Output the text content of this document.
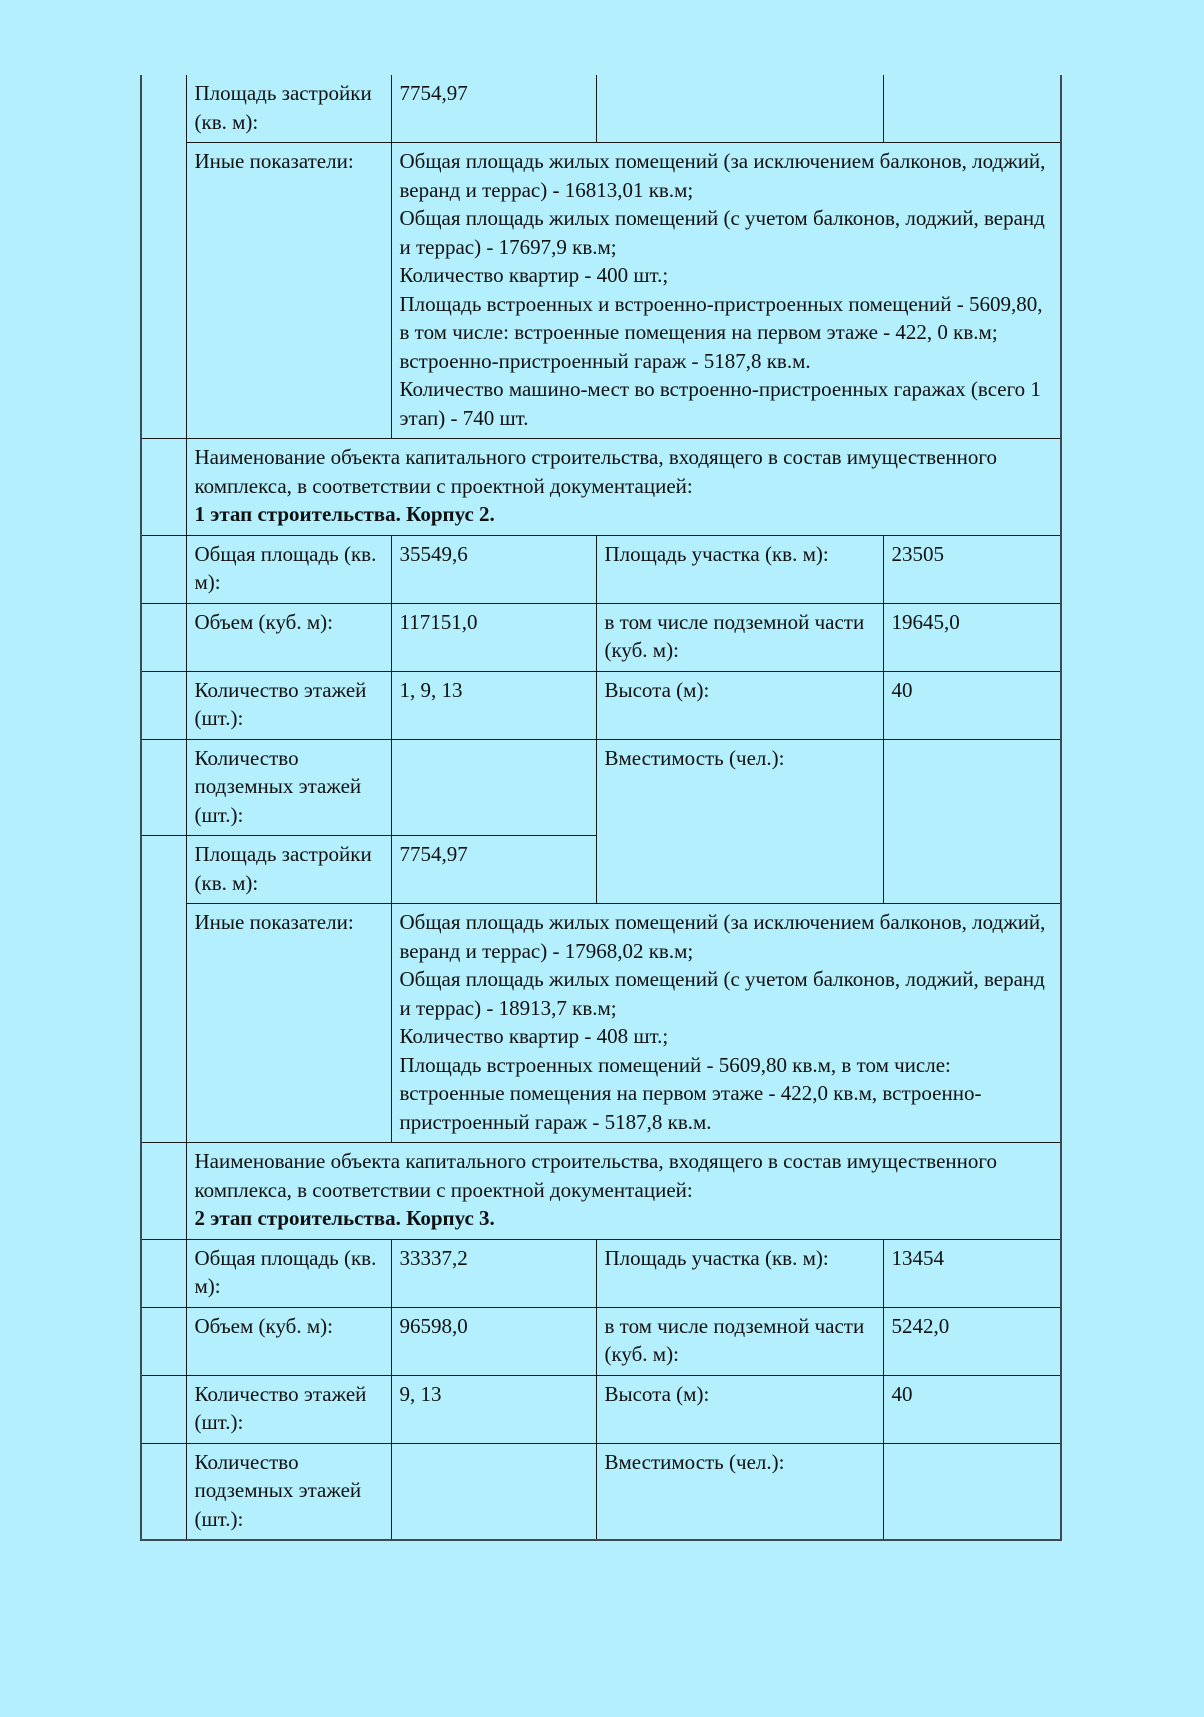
	Площадь застройки (кв. м):	7754,97		
	Иные показатели:	Общая площадь жилых помещений (за исключением балконов, лоджий, веранд и террас) - 16813,01 кв.м;
Общая площадь жилых помещений (с учетом балконов, лоджий, веранд и террас) - 17697,9 кв.м;
Количество квартир - 400 шт.;
Площадь встроенных и встроенно-пристроенных помещений - 5609,80, в том числе: встроенные помещения на первом этаже - 422, 0 кв.м; встроенно-пристроенный гараж - 5187,8 кв.м.
Количество машино-мест во встроенно-пристроенных гаражах (всего 1 этап) - 740 шт.		

	Наименование объекта капитального строительства, входящего в состав имущественного комплекса, в соответствии с проектной документацией:
1 этап строительства. Корпус 2.			

	Общая площадь (кв. м):	35549,6	Площадь участка (кв. м):	23505
	Объем (куб. м):	117151,0	в том числе подземной части (куб. м):	19645,0
	Количество этажей (шт.):	1, 9, 13	Высота (м):	40
	Количество подземных этажей (шт.):		Вместимость (чел.):	
	Площадь застройки (кв. м):	7754,97		
	Иные показатели:	Общая площадь жилых помещений (за исключением балконов, лоджий, веранд и террас) - 17968,02 кв.м;
Общая площадь жилых помещений (с учетом балконов, лоджий, веранд и террас) - 18913,7 кв.м;
Количество квартир - 408 шт.;
Площадь встроенных помещений - 5609,80 кв.м, в том числе: встроенные помещения на первом этаже - 422,0 кв.м, встроенно-пристроенный гараж - 5187,8 кв.м.		

	Наименование объекта капитального строительства, входящего в состав имущественного комплекса, в соответствии с проектной документацией:
2 этап строительства. Корпус 3.			

	Общая площадь (кв. м):	33337,2	Площадь участка (кв. м):	13454
	Объем (куб. м):	96598,0	в том числе подземной части (куб. м):	5242,0
	Количество этажей (шт.):	9, 13	Высота (м):	40
	Количество подземных этажей (шт.):		Вместимость (чел.):	
